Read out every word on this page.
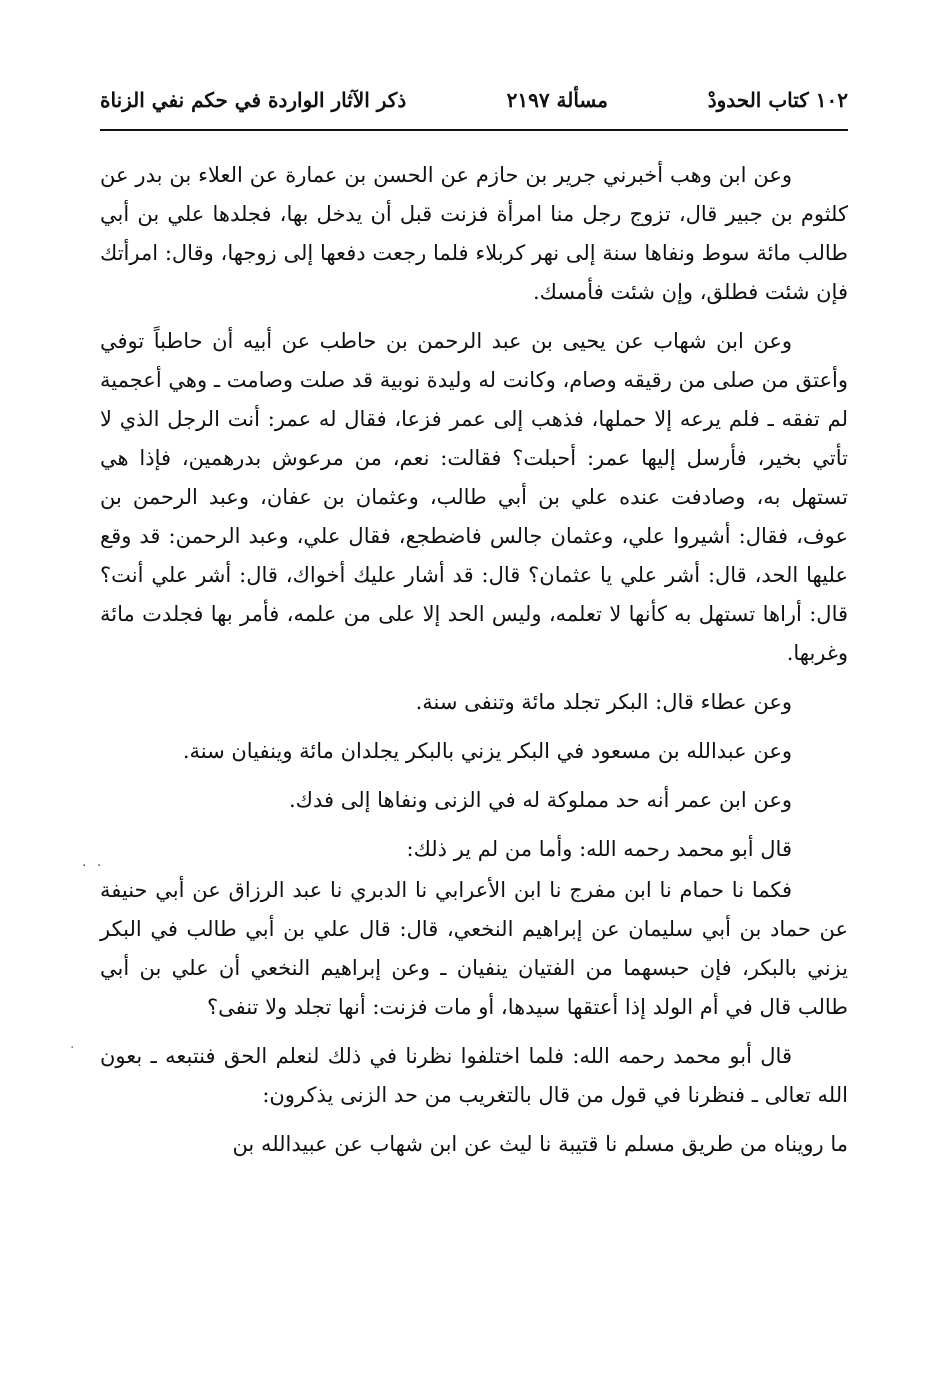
١٠٢ كتاب الحدودْ
مسألة ٢١٩٧
ذكر الآثار الواردة في حكم نفي الزناة

وعن ابن وهب أخبرني جرير بن حازم عن الحسن بن عمارة عن العلاء بن بدر عن كلثوم بن جبير قال، تزوج رجل منا امرأة فزنت قبل أن يدخل بها، فجلدها علي بن أبي طالب مائة سوط ونفاها سنة إلى نهر كربلاء فلما رجعت دفعها إلى زوجها، وقال: امرأتك فإن شئت فطلق، وإن شئت فأمسك.

وعن ابن شهاب عن يحيى بن عبد الرحمن بن حاطب عن أبيه أن حاطباً توفي وأعتق من صلى من رقيقه وصام، وكانت له وليدة نوبية قد صلت وصامت ـ وهي أعجمية لم تفقه ـ فلم يرعه إلا حملها، فذهب إلى عمر فزعا، فقال له عمر: أنت الرجل الذي لا تأتي بخير، فأرسل إليها عمر: أحبلت؟ فقالت: نعم، من مرعوش بدرهمين، فإذا هي تستهل به، وصادفت عنده علي بن أبي طالب، وعثمان بن عفان، وعبد الرحمن بن عوف، فقال: أشيروا علي، وعثمان جالس فاضطجع، فقال علي، وعبد الرحمن: قد وقع عليها الحد، قال: أشر علي يا عثمان؟ قال: قد أشار عليك أخواك، قال: أشر علي أنت؟ قال: أراها تستهل به كأنها لا تعلمه، وليس الحد إلا على من علمه، فأمر بها فجلدت مائة وغربها.

وعن عطاء قال: البكر تجلد مائة وتنفى سنة.

وعن عبدالله بن مسعود في البكر يزني بالبكر يجلدان مائة وينفيان سنة.

وعن ابن عمر أنه حد مملوكة له في الزنى ونفاها إلى فدك.

قال أبو محمد رحمه الله: وأما من لم ير ذلك:

فكما نا حمام نا ابن مفرج نا ابن الأعرابي نا الدبري نا عبد الرزاق عن أبي حنيفة عن حماد بن أبي سليمان عن إبراهيم النخعي، قال: قال علي بن أبي طالب في البكر يزني بالبكر، فإن حبسهما من الفتيان ينفيان ـ وعن إبراهيم النخعي أن علي بن أبي طالب قال في أم الولد إذا أعتقها سيدها، أو مات فزنت: أنها تجلد ولا تنفى؟

قال أبو محمد رحمه الله: فلما اختلفوا نظرنا في ذلك لنعلم الحق فنتبعه ـ بعون الله تعالى ـ فنظرنا في قول من قال بالتغريب من حد الزنى يذكرون:

ما رويناه من طريق مسلم نا قتيبة نا ليث عن ابن شهاب عن عبيدالله بن

· ·
·
